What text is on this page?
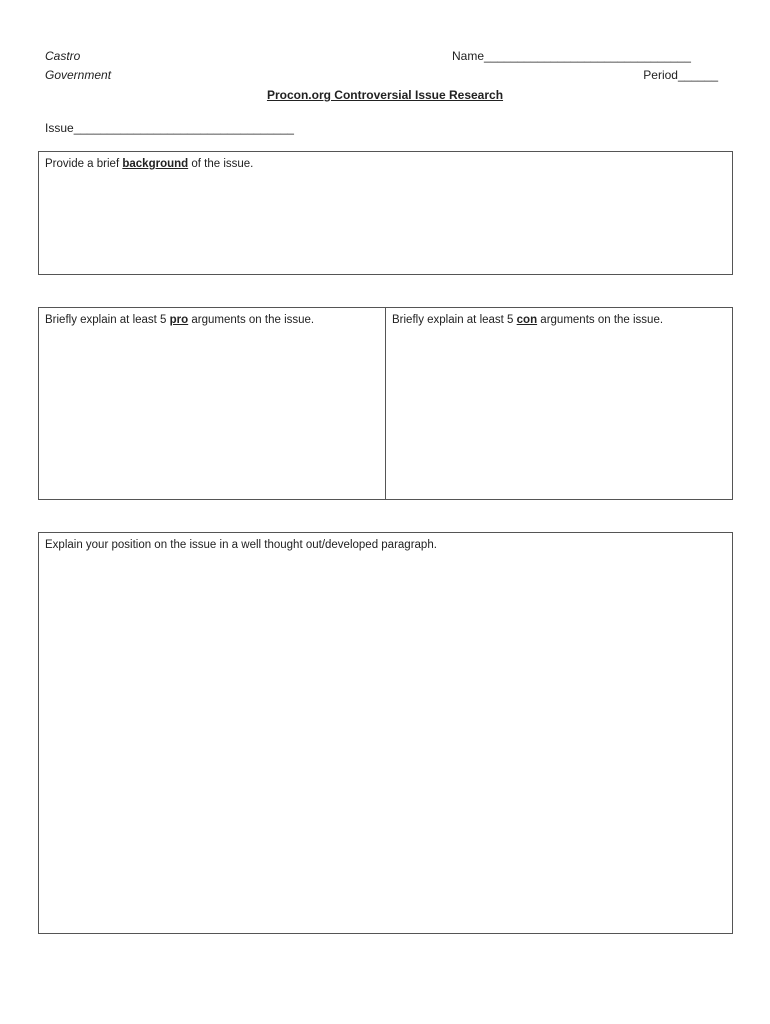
Castro
Government
Name_______________________________
Period______
Procon.org Controversial Issue Research
Issue_________________________________
Provide a brief background of the issue.
Briefly explain at least 5 pro arguments on the issue.	Briefly explain at least 5 con arguments on the issue.
Explain your position on the issue in a well thought out/developed paragraph.
